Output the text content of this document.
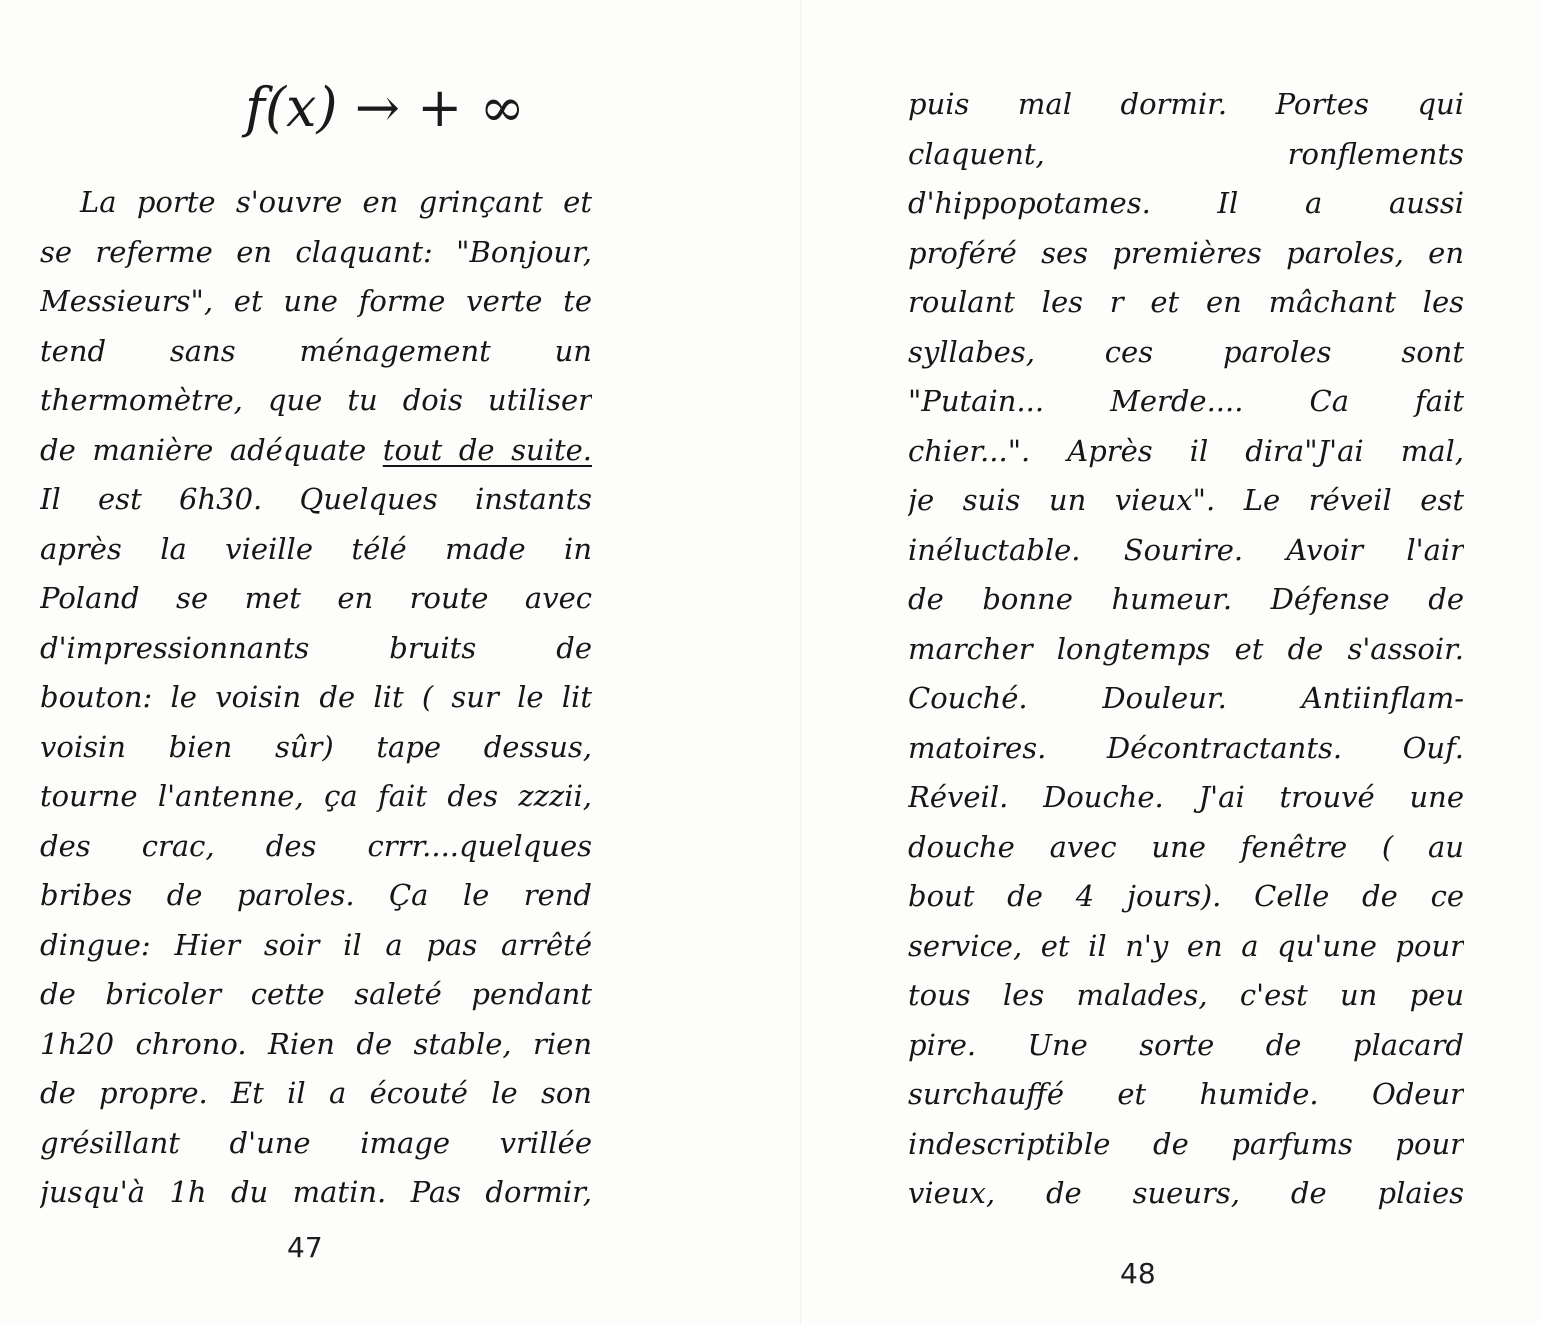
f(x) → + ∞
La porte s'ouvre en grinçant et
se referme en claquant: "Bonjour,
Messieurs", et une forme verte te
tend sans ménagement un
thermomètre, que tu dois utiliser
de manière adéquate tout de suite.
Il est 6h30. Quelques instants
après la vieille télé made in
Poland se met en route avec
d'impressionnants bruits de
bouton: le voisin de lit ( sur le lit
voisin bien sûr) tape dessus,
tourne l'antenne, ça fait des zzzii,
des crac, des crrr....quelques
bribes de paroles. Ça le rend
dingue: Hier soir il a pas arrêté
de bricoler cette saleté pendant
1h20 chrono. Rien de stable, rien
de propre. Et il a écouté le son
grésillant d'une image vrillée
jusqu'à 1h du matin. Pas dormir,
47
puis mal dormir. Portes qui
claquent, ronflements
d'hippopotames. Il a aussi
proféré ses premières paroles, en
roulant les r et en mâchant les
syllabes, ces paroles sont
"Putain... Merde.... Ca fait
chier...". Après il dira"J'ai mal,
je suis un vieux". Le réveil est
inéluctable. Sourire. Avoir l'air
de bonne humeur. Défense de
marcher longtemps et de s'assoir.
Couché. Douleur. Antiinflam-
matoires. Décontractants. Ouf.
Réveil. Douche. J'ai trouvé une
douche avec une fenêtre ( au
bout de 4 jours). Celle de ce
service, et il n'y en a qu'une pour
tous les malades, c'est un peu
pire. Une sorte de placard
surchauffé et humide. Odeur
indescriptible de parfums pour
vieux, de sueurs, de plaies
48
